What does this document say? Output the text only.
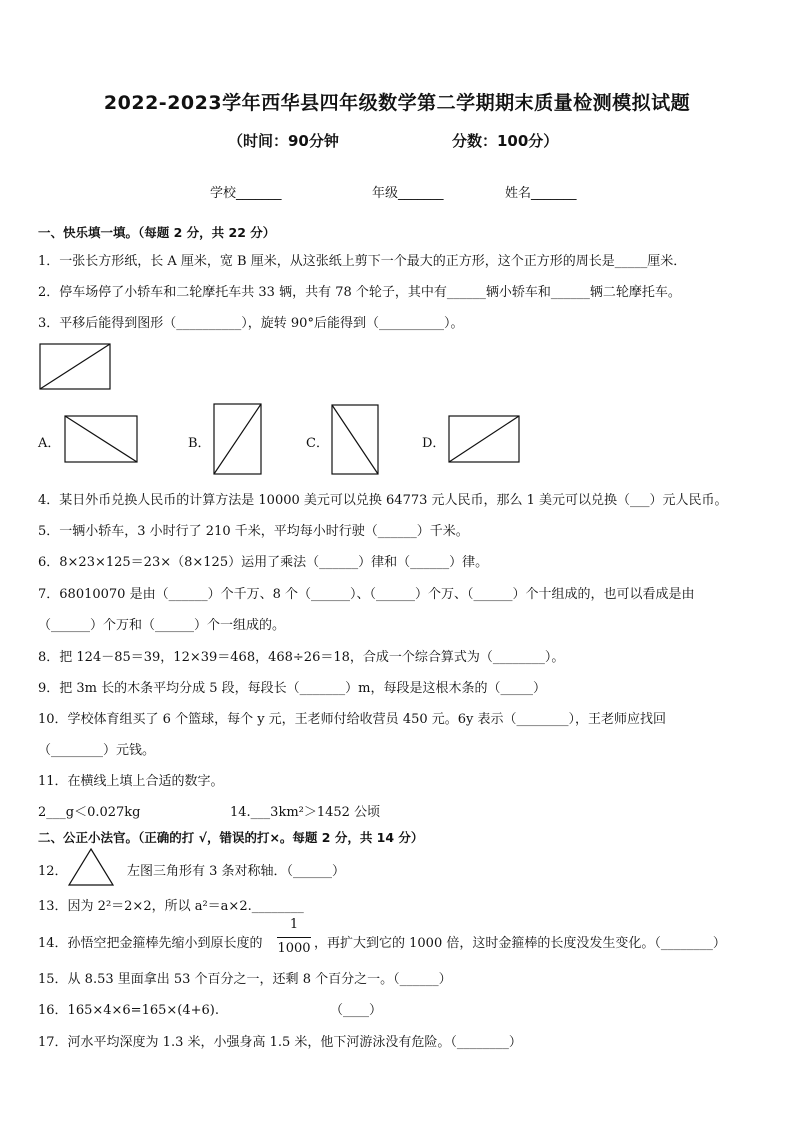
2022-2023学年西华县四年级数学第二学期期末质量检测模拟试题
（时间：90分钟	分数：100分）
学校_______	年级_______	姓名_______
一、快乐填一填。（每题 2 分，共 22 分）
1．一张长方形纸，长 A 厘米，宽 B 厘米，从这张纸上剪下一个最大的正方形，这个正方形的周长是_____厘米．
2．停车场停了小轿车和二轮摩托车共 33 辆，共有 78 个轮子，其中有______辆小轿车和______辆二轮摩托车。
3．平移后能得到图形（__________），旋转 90°后能得到（__________）。
A．	B．	C．	D．
4．某日外币兑换人民币的计算方法是 10000 美元可以兑换 64773 元人民币，那么 1 美元可以兑换（___）元人民币。
5．一辆小轿车，3 小时行了 210 千米，平均每小时行驶（______）千米。
6．8×23×125＝23×（8×125）运用了乘法（______）律和（______）律。
7．68010070 是由（______）个千万、8 个（______）、（______）个万、（______）个十组成的，也可以看成是由
（______）个万和（______）个一组成的。
8．把 124－85＝39，12×39＝468，468÷26＝18，合成一个综合算式为（________）。
9．把 3m 长的木条平均分成 5 段，每段长（_______）m，每段是这根木条的（_____）
10．学校体育组买了 6 个篮球，每个 y 元，王老师付给收营员 450 元。6y 表示（________），王老师应找回
（________）元钱。
11．在横线上填上合适的数字。
2___g＜0.027kg	14.___3km²＞1452 公顷
二、公正小法官。（正确的打 √，错误的打×。每题 2 分，共 14 分）
12．	左图三角形有 3 条对称轴．（______）
13．因为 2²＝2×2，所以 a²＝a×2.________
14．孙悟空把金箍棒先缩小到原长度的
1
1000 ，再扩大到它的 1000 倍，这时金箍棒的长度没发生变化。（________）
15．从 8.53 里面拿出 53 个百分之一，还剩 8 个百分之一。（______）
16．165×4×6=165×(4+6).	（____）
17．河水平均深度为 1.3 米，小强身高 1.5 米，他下河游泳没有危险。（________）
